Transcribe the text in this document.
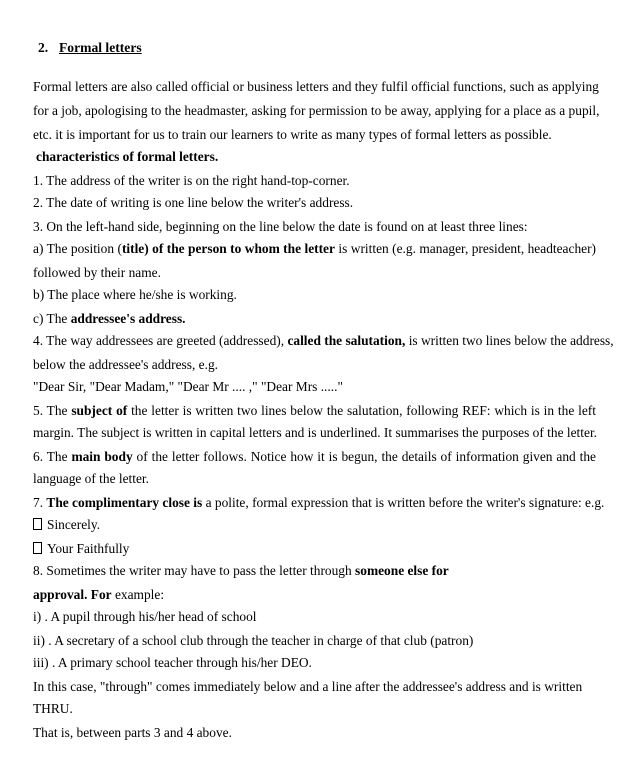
2. Formal letters
Formal letters are also called official or business letters and they fulfil official functions, such as applying
for a job, apologising to the headmaster, asking for permission to be away, applying for a place as a pupil,
etc. it is important for us to train our learners to write as many types of formal letters as possible.
characteristics of formal letters.
1. The address of the writer is on the right hand-top-corner.
2. The date of writing is one line below the writer's address.
3. On the left-hand side, beginning on the line below the date is found on at least three lines:
a) The position (title) of the person to whom the letter is written (e.g. manager, president, headteacher)
followed by their name.
b) The place where he/she is working.
c) The addressee's address.
4. The way addressees are greeted (addressed), called the salutation, is written two lines below the address,
below the addressee's address, e.g.
"Dear Sir, "Dear Madam," "Dear Mr .... ," "Dear Mrs ....."
5. The subject of the letter is written two lines below the salutation, following REF: which is in the left
margin. The subject is written in capital letters and is underlined. It summarises the purposes of the letter.
6. The main body of the letter follows. Notice how it is begun, the details of information given and the
language of the letter.
7. The complimentary close is a polite, formal expression that is written before the writer's signature: e.g.
Sincerely.
Your Faithfully
8. Sometimes the writer may have to pass the letter through someone else for
approval. For example:
i) . A pupil through his/her head of school
ii) . A secretary of a school club through the teacher in charge of that club (patron)
iii) . A primary school teacher through his/her DEO.
In this case, "through" comes immediately below and a line after the addressee's address and is written
THRU.
That is, between parts 3 and 4 above.
